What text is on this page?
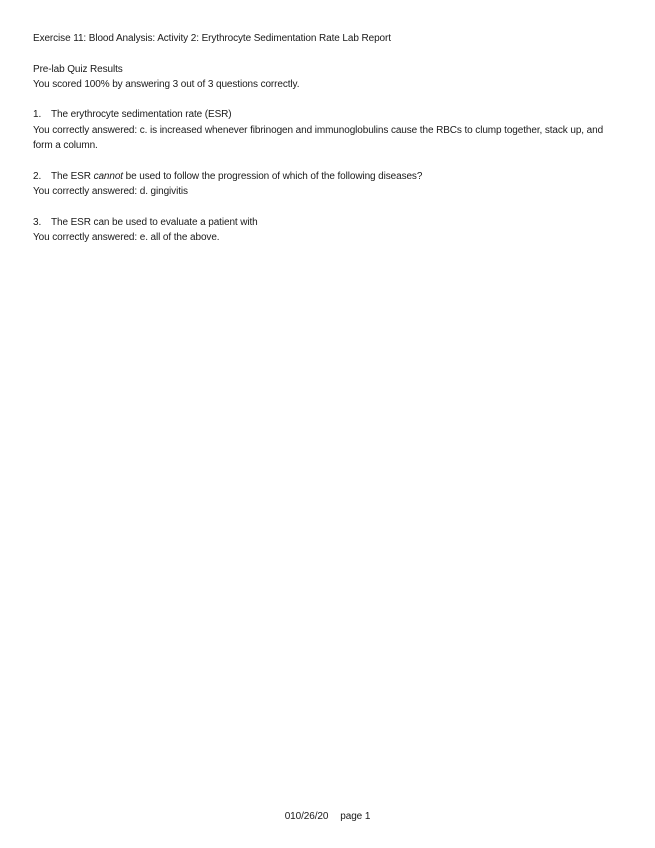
Exercise 11: Blood Analysis: Activity 2: Erythrocyte Sedimentation Rate Lab Report
Pre-lab Quiz Results
You scored 100% by answering 3 out of 3 questions correctly.
1. The erythrocyte sedimentation rate (ESR)
You correctly answered: c. is increased whenever fibrinogen and immunoglobulins cause the RBCs to clump together, stack up, and form a column.
2. The ESR cannot be used to follow the progression of which of the following diseases?
You correctly answered: d. gingivitis
3. The ESR can be used to evaluate a patient with
You correctly answered: e. all of the above.
010/26/20 page 1
